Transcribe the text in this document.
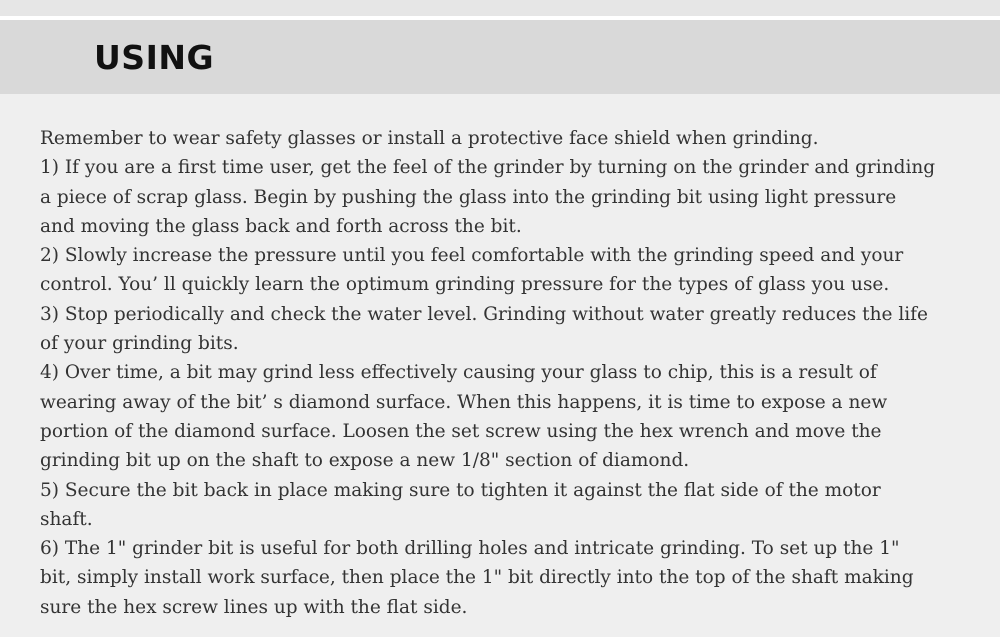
USING
Remember to wear safety glasses or install a protective face shield when grinding.
1) If you are a first time user, get the feel of the grinder by turning on the grinder and grinding
a piece of scrap glass. Begin by pushing the glass into the grinding bit using light pressure
and moving the glass back and forth across the bit.
2) Slowly increase the pressure until you feel comfortable with the grinding speed and your
control. You’ ll quickly learn the optimum grinding pressure for the types of glass you use.
3) Stop periodically and check the water level. Grinding without water greatly reduces the life
of your grinding bits.
4) Over time, a bit may grind less effectively causing your glass to chip, this is a result of
wearing away of the bit’ s diamond surface. When this happens, it is time to expose a new
portion of the diamond surface. Loosen the set screw using the hex wrench and move the
grinding bit up on the shaft to expose a new 1/8" section of diamond.
5) Secure the bit back in place making sure to tighten it against the flat side of the motor
shaft.
6) The 1" grinder bit is useful for both drilling holes and intricate grinding. To set up the 1"
bit, simply install work surface, then place the 1" bit directly into the top of the shaft making
sure the hex screw lines up with the flat side.
